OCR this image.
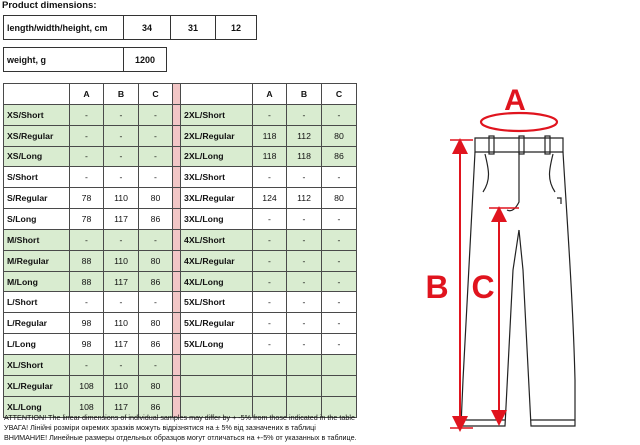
Product dimensions:
length/width/height, cm	34	31	12
weight, g	1200
	A	B	C			A	B	C
XS/Short	-	-	-		2XL/Short	-	-	-
XS/Regular	-	-	-		2XL/Regular	118	112	80
XS/Long	-	-	-		2XL/Long	118	118	86
S/Short	-	-	-		3XL/Short	-	-	-
S/Regular	78	110	80		3XL/Regular	124	112	80
S/Long	78	117	86		3XL/Long	-	-	-
M/Short	-	-	-		4XL/Short	-	-	-
M/Regular	88	110	80		4XL/Regular	-	-	-
M/Long	88	117	86		4XL/Long	-	-	-
L/Short	-	-	-		5XL/Short	-	-	-
L/Regular	98	110	80		5XL/Regular	-	-	-
L/Long	98	117	86		5XL/Long	-	-	-
XL/Short	-	-	-					
XL/Regular	108	110	80					
XL/Long	108	117	86					
ATTENTION! The linear dimensions of individual samples may differ by + -5% from those indicated in the table
УВАГА! Лінійні розміри окремих зразків можуть відрізнятися на ± 5% від зазначених в таблиці
ВНИМАНИЕ! Линейные размеры отдельных образцов могут отличаться на +-5% от указанных в таблице.
A
B C
